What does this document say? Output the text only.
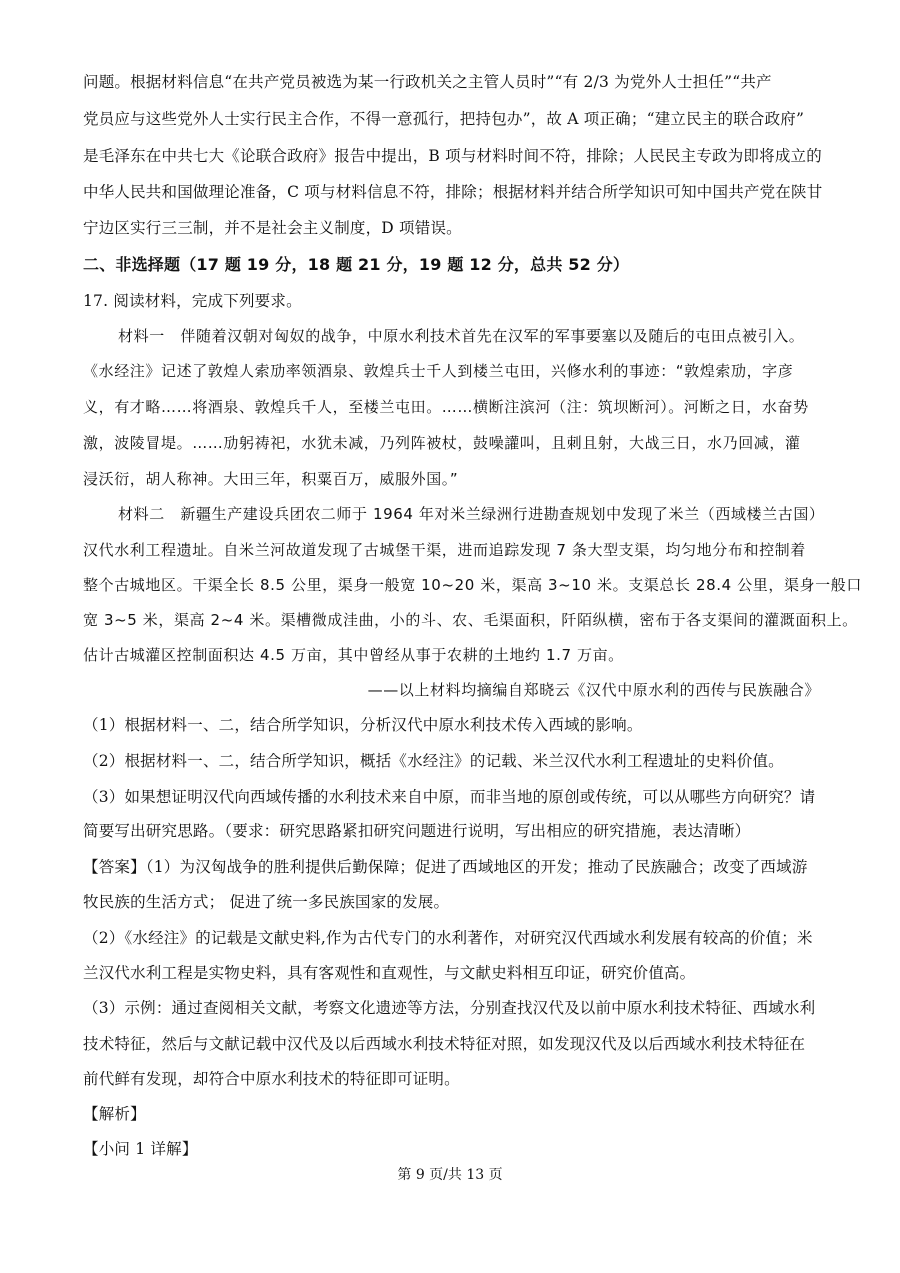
问题。根据材料信息“在共产党员被选为某一行政机关之主管人员时”“有 2/3 为党外人士担任”“共产
党员应与这些党外人士实行民主合作，不得一意孤行，把持包办”，故 A 项正确；“建立民主的联合政府”
是毛泽东在中共七大《论联合政府》报告中提出，B 项与材料时间不符，排除；人民民主专政为即将成立的
中华人民共和国做理论准备，C 项与材料信息不符，排除；根据材料并结合所学知识可知中国共产党在陕甘
宁边区实行三三制，并不是社会主义制度，D 项错误。
二、非选择题（17 题 19 分，18 题 21 分，19 题 12 分，总共 52 分）
17. 阅读材料，完成下列要求。
材料一　伴随着汉朝对匈奴的战争，中原水利技术首先在汉军的军事要塞以及随后的屯田点被引入。
《水经注》记述了敦煌人索劢率领酒泉、敦煌兵士千人到楼兰屯田，兴修水利的事迹：“敦煌索劢，字彦
义，有才略……将酒泉、敦煌兵千人，至楼兰屯田。……横断注滨河（注：筑坝断河）。河断之日，水奋势
激，波陵冒堤。……劢躬祷祀，水犹未减，乃列阵被杖，鼓噪讙叫，且刺且射，大战三日，水乃回减，灌
浸沃衍，胡人称神。大田三年，积粟百万，威服外国。”
材料二　新疆生产建设兵团农二师于 1964 年对米兰绿洲行进勘查规划中发现了米兰（西域楼兰古国）
汉代水利工程遗址。自米兰河故道发现了古城堡干渠，进而追踪发现 7 条大型支渠，均匀地分布和控制着
整个古城地区。干渠全长 8.5 公里，渠身一般宽 10~20 米，渠高 3~10 米。支渠总长 28.4 公里，渠身一般口
宽 3~5 米，渠高 2~4 米。渠槽微成洼曲，小的斗、农、毛渠面积，阡陌纵横，密布于各支渠间的灌溉面积上。
估计古城灌区控制面积达 4.5 万亩，其中曾经从事于农耕的土地约 1.7 万亩。
——以上材料均摘编自郑晓云《汉代中原水利的西传与民族融合》
（1）根据材料一、二，结合所学知识，分析汉代中原水利技术传入西域的影响。
（2）根据材料一、二，结合所学知识，概括《水经注》的记载、米兰汉代水利工程遗址的史料价值。
（3）如果想证明汉代向西域传播的水利技术来自中原，而非当地的原创或传统，可以从哪些方向研究？请
简要写出研究思路。（要求：研究思路紧扣研究问题进行说明，写出相应的研究措施，表达清晰）
【答案】（1）为汉匈战争的胜利提供后勤保障；促进了西域地区的开发；推动了民族融合；改变了西域游
牧民族的生活方式； 促进了统一多民族国家的发展。
（2）《水经注》的记载是文献史料,作为古代专门的水利著作，对研究汉代西域水利发展有较高的价值；米
兰汉代水利工程是实物史料，具有客观性和直观性，与文献史料相互印证，研究价值高。
（3）示例：通过查阅相关文献，考察文化遗迹等方法，分别查找汉代及以前中原水利技术特征、西域水利
技术特征，然后与文献记载中汉代及以后西域水利技术特征对照，如发现汉代及以后西域水利技术特征在
前代鲜有发现，却符合中原水利技术的特征即可证明。
【解析】
【小问 1 详解】
第 9 页/共 13 页
